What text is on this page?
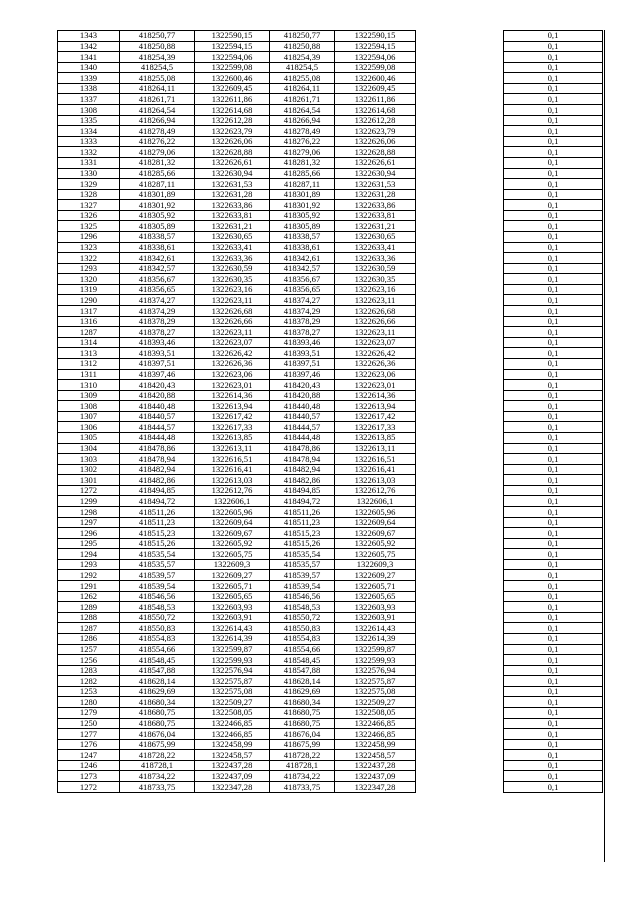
1343	418250,77	1322590,15	418250,77	1322590,15		0,1
1342	418250,88	1322594,15	418250,88	1322594,15		0,1
1341	418254,39	1322594,06	418254,39	1322594,06		0,1
1340	418254,5	1322599,08	418254,5	1322599,08		0,1
1339	418255,08	1322600,46	418255,08	1322600,46		0,1
1338	418264,11	1322609,45	418264,11	1322609,45		0,1
1337	418261,71	1322611,86	418261,71	1322611,86		0,1
1308	418264,54	1322614,68	418264,54	1322614,68		0,1
1335	418266,94	1322612,28	418266,94	1322612,28		0,1
1334	418278,49	1322623,79	418278,49	1322623,79		0,1
1333	418276,22	1322626,06	418276,22	1322626,06		0,1
1332	418279,06	1322628,88	418279,06	1322628,88		0,1
1331	418281,32	1322626,61	418281,32	1322626,61		0,1
1330	418285,66	1322630,94	418285,66	1322630,94		0,1
1329	418287,11	1322631,53	418287,11	1322631,53		0,1
1328	418301,89	1322631,28	418301,89	1322631,28		0,1
1327	418301,92	1322633,86	418301,92	1322633,86		0,1
1326	418305,92	1322633,81	418305,92	1322633,81		0,1
1325	418305,89	1322631,21	418305,89	1322631,21		0,1
1296	418338,57	1322630,65	418338,57	1322630,65		0,1
1323	418338,61	1322633,41	418338,61	1322633,41		0,1
1322	418342,61	1322633,36	418342,61	1322633,36		0,1
1293	418342,57	1322630,59	418342,57	1322630,59		0,1
1320	418356,67	1322630,35	418356,67	1322630,35		0,1
1319	418356,65	1322623,16	418356,65	1322623,16		0,1
1290	418374,27	1322623,11	418374,27	1322623,11		0,1
1317	418374,29	1322626,68	418374,29	1322626,68		0,1
1316	418378,29	1322626,66	418378,29	1322626,66		0,1
1287	418378,27	1322623,11	418378,27	1322623,11		0,1
1314	418393,46	1322623,07	418393,46	1322623,07		0,1
1313	418393,51	1322626,42	418393,51	1322626,42		0,1
1312	418397,51	1322626,36	418397,51	1322626,36		0,1
1311	418397,46	1322623,06	418397,46	1322623,06		0,1
1310	418420,43	1322623,01	418420,43	1322623,01		0,1
1309	418420,88	1322614,36	418420,88	1322614,36		0,1
1308	418440,48	1322613,94	418440,48	1322613,94		0,1
1307	418440,57	1322617,42	418440,57	1322617,42		0,1
1306	418444,57	1322617,33	418444,57	1322617,33		0,1
1305	418444,48	1322613,85	418444,48	1322613,85		0,1
1304	418478,86	1322613,11	418478,86	1322613,11		0,1
1303	418478,94	1322616,51	418478,94	1322616,51		0,1
1302	418482,94	1322616,41	418482,94	1322616,41		0,1
1301	418482,86	1322613,03	418482,86	1322613,03		0,1
1272	418494,85	1322612,76	418494,85	1322612,76		0,1
1299	418494,72	1322606,1	418494,72	1322606,1		0,1
1298	418511,26	1322605,96	418511,26	1322605,96		0,1
1297	418511,23	1322609,64	418511,23	1322609,64		0,1
1296	418515,23	1322609,67	418515,23	1322609,67		0,1
1295	418515,26	1322605,92	418515,26	1322605,92		0,1
1294	418535,54	1322605,75	418535,54	1322605,75		0,1
1293	418535,57	1322609,3	418535,57	1322609,3		0,1
1292	418539,57	1322609,27	418539,57	1322609,27		0,1
1291	418539,54	1322605,71	418539,54	1322605,71		0,1
1262	418546,56	1322605,65	418546,56	1322605,65		0,1
1289	418548,53	1322603,93	418548,53	1322603,93		0,1
1288	418550,72	1322603,91	418550,72	1322603,91		0,1
1287	418550,83	1322614,43	418550,83	1322614,43		0,1
1286	418554,83	1322614,39	418554,83	1322614,39		0,1
1257	418554,66	1322599,87	418554,66	1322599,87		0,1
1256	418548,45	1322599,93	418548,45	1322599,93		0,1
1283	418547,88	1322576,94	418547,88	1322576,94		0,1
1282	418628,14	1322575,87	418628,14	1322575,87		0,1
1253	418629,69	1322575,08	418629,69	1322575,08		0,1
1280	418680,34	1322509,27	418680,34	1322509,27		0,1
1279	418680,75	1322508,05	418680,75	1322508,05		0,1
1250	418680,75	1322466,85	418680,75	1322466,85		0,1
1277	418676,04	1322466,85	418676,04	1322466,85		0,1
1276	418675,99	1322458,99	418675,99	1322458,99		0,1
1247	418728,22	1322458,57	418728,22	1322458,57		0,1
1246	418728,1	1322437,28	418728,1	1322437,28		0,1
1273	418734,22	1322437,09	418734,22	1322437,09		0,1
1272	418733,75	1322347,28	418733,75	1322347,28		0,1
